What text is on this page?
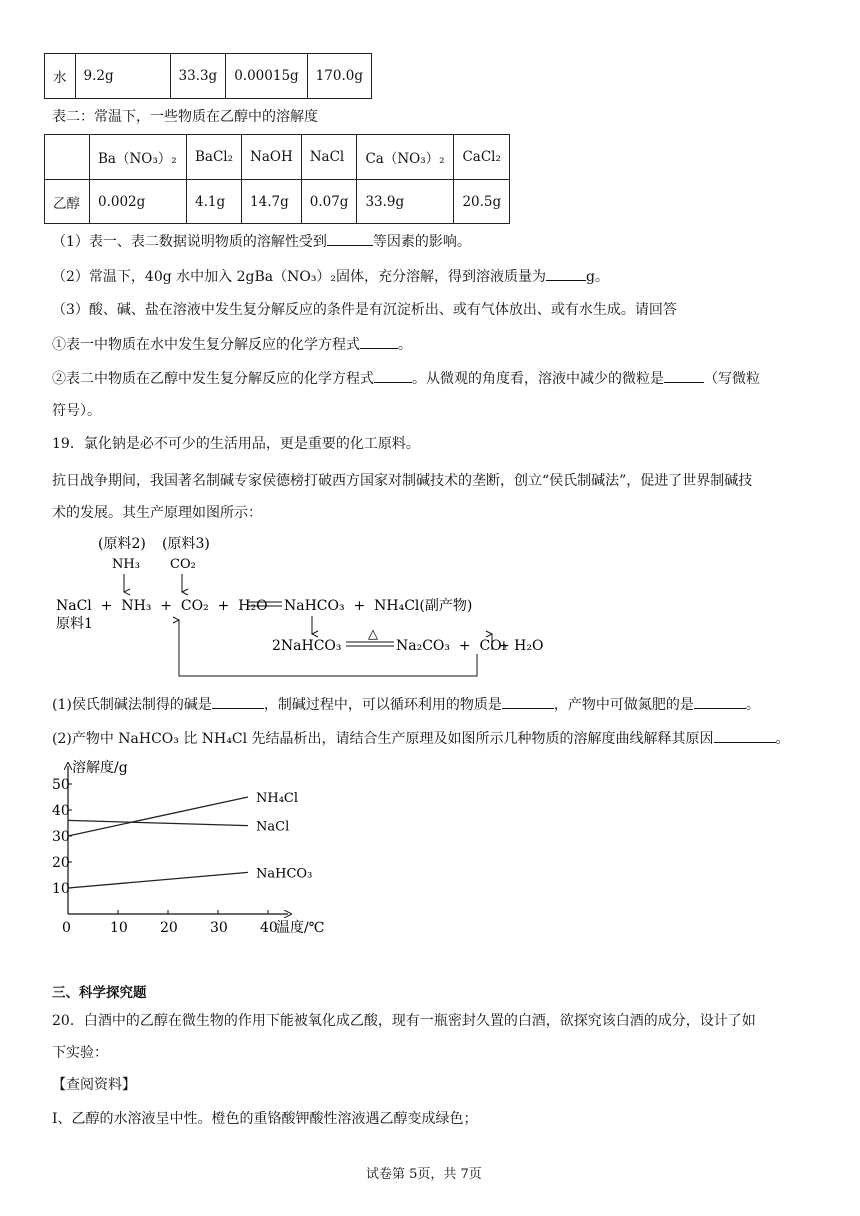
水	9.2g	33.3g	0.00015g	170.0g
表二：常温下，一些物质在乙醇中的溶解度
	Ba（NO₃）₂	BaCl₂	NaOH	NaCl	Ca（NO₃）₂	CaCl₂
乙醇	0.002g	4.1g	14.7g	0.07g	33.9g	20.5g
（1）表一、表二数据说明物质的溶解性受到	等因素的影响。
（2）常温下，40g 水中加入 2gBa（NO₃）₂固体，充分溶解，得到溶液质量为	g。
（3）酸、碱、盐在溶液中发生复分解反应的条件是有沉淀析出、或有气体放出、或有水生成。请回答
①表一中物质在水中发生复分解反应的化学方程式	。
②表二中物质在乙醇中发生复分解反应的化学方程式	。从微观的角度看，溶液中减少的微粒是	（写微粒
符号）。
19．氯化钠是必不可少的生活用品，更是重要的化工原料。
抗日战争期间，我国著名制碱专家侯德榜打破西方国家对制碱技术的垄断，创立“侯氏制碱法”，促进了世界制碱技
术的发展。其生产原理如图所示：
(原料2) (原料3)
NH₃ CO₂
NaCl  +  NH₃  +  CO₂  +  H₂O NaHCO₃  +  NH₄Cl(副产物)
原料1
2NaHCO₃
△
Na₂CO₃  +  CO₂
+ H₂O
(1)侯氏制碱法制得的碱是	，制碱过程中，可以循环利用的物质是	，产物中可做氮肥的是	。
(2)产物中 NaHCO₃ 比 NH₄Cl 先结晶析出，请结合生产原理及如图所示几种物质的溶解度曲线解释其原因	。
溶解度/g
温度/℃
10
20
30
40
50
0	10 20 30 40
NH₄Cl
NaCl
NaHCO₃
三、科学探究题
20．白酒中的乙醇在微生物的作用下能被氧化成乙酸，现有一瓶密封久置的白酒，欲探究该白酒的成分，设计了如
下实验：
【查阅资料】
Ⅰ、乙醇的水溶液呈中性。橙色的重铬酸钾酸性溶液遇乙醇变成绿色；
试卷第 5页，共 7页
